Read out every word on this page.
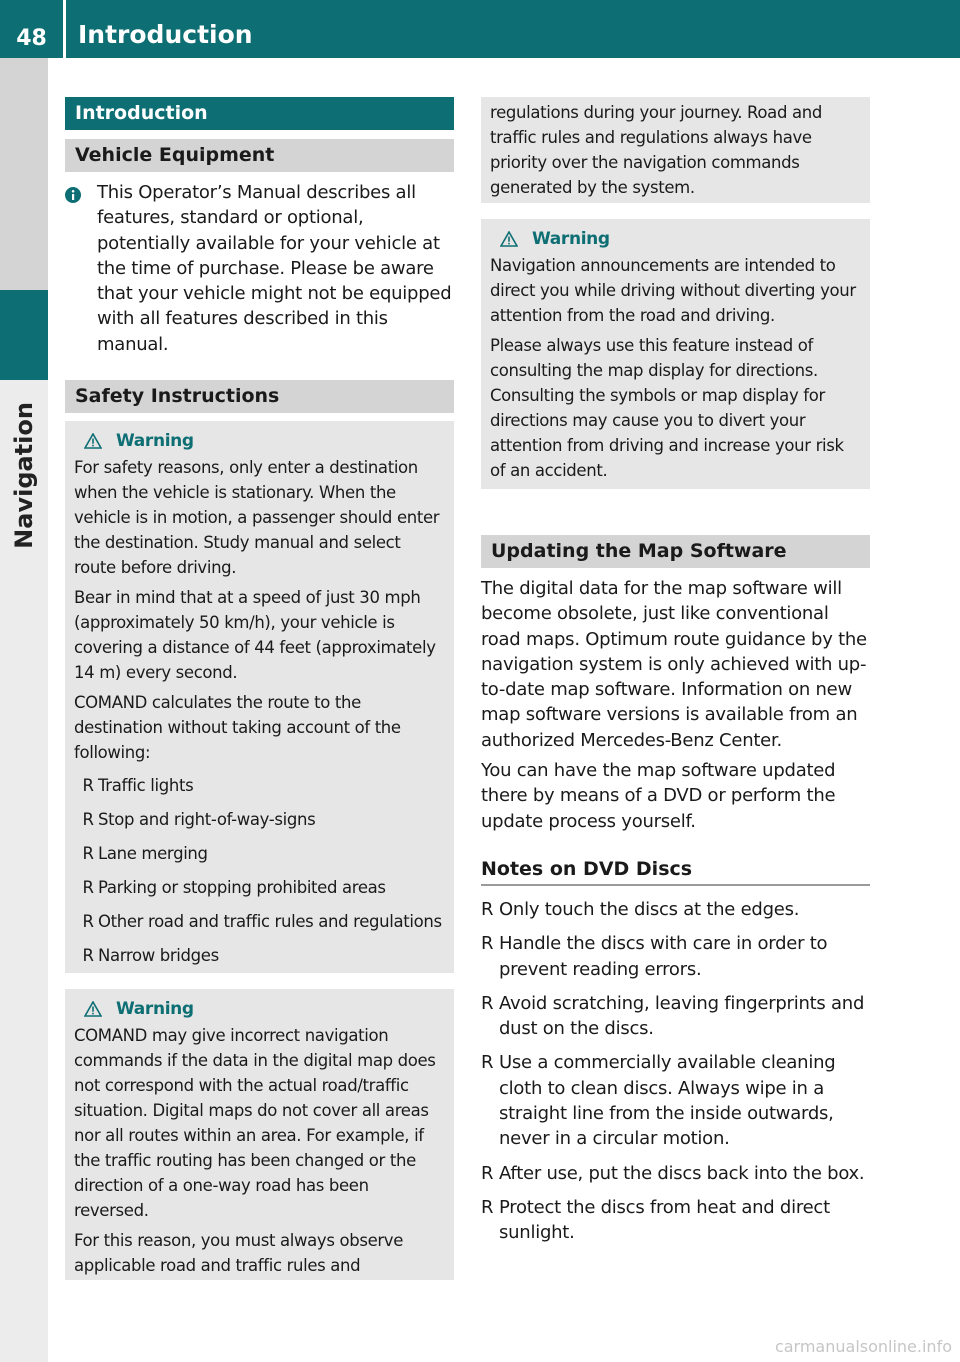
48	Introduction
Navigation
Introduction
Vehicle Equipment
This Operator’s Manual describes all features, standard or optional, potentially available for your vehicle at the time of purchase. Please be aware that your vehicle might not be equipped with all features described in this manual.
Safety Instructions
Warning

For safety reasons, only enter a destination when the vehicle is stationary. When the vehicle is in motion, a passenger should enter the destination. Study manual and select route before driving.

Bear in mind that at a speed of just 30 mph (approximately 50 km/h), your vehicle is covering a distance of 44 feet (approximately 14 m) every second.

COMAND calculates the route to the destination without taking account of the following:

R Traffic lights
R Stop and right-of-way-signs
R Lane merging
R Parking or stopping prohibited areas
R Other road and traffic rules and regulations
R Narrow bridges
Warning

COMAND may give incorrect navigation commands if the data in the digital map does not correspond with the actual road/traffic situation. Digital maps do not cover all areas nor all routes within an area. For example, if the traffic routing has been changed or the direction of a one-way road has been reversed.

For this reason, you must always observe applicable road and traffic rules and

regulations during your journey. Road and traffic rules and regulations always have priority over the navigation commands generated by the system.

Warning

Navigation announcements are intended to direct you while driving without diverting your attention from the road and driving.

Please always use this feature instead of consulting the map display for directions. Consulting the symbols or map display for directions may cause you to divert your attention from driving and increase your risk of an accident.

Updating the Map Software

The digital data for the map software will become obsolete, just like conventional road maps. Optimum route guidance by the navigation system is only achieved with up-to-date map software. Information on new map software versions is available from an authorized Mercedes-Benz Center.

You can have the map software updated there by means of a DVD or perform the update process yourself.

Notes on DVD Discs
R Only touch the discs at the edges.
R Handle the discs with care in order to prevent reading errors.
R Avoid scratching, leaving fingerprints and dust on the discs.
R Use a commercially available cleaning cloth to clean discs. Always wipe in a straight line from the inside outwards, never in a circular motion.
R After use, put the discs back into the box.
R Protect the discs from heat and direct sunlight.
carmanualsonline.info
